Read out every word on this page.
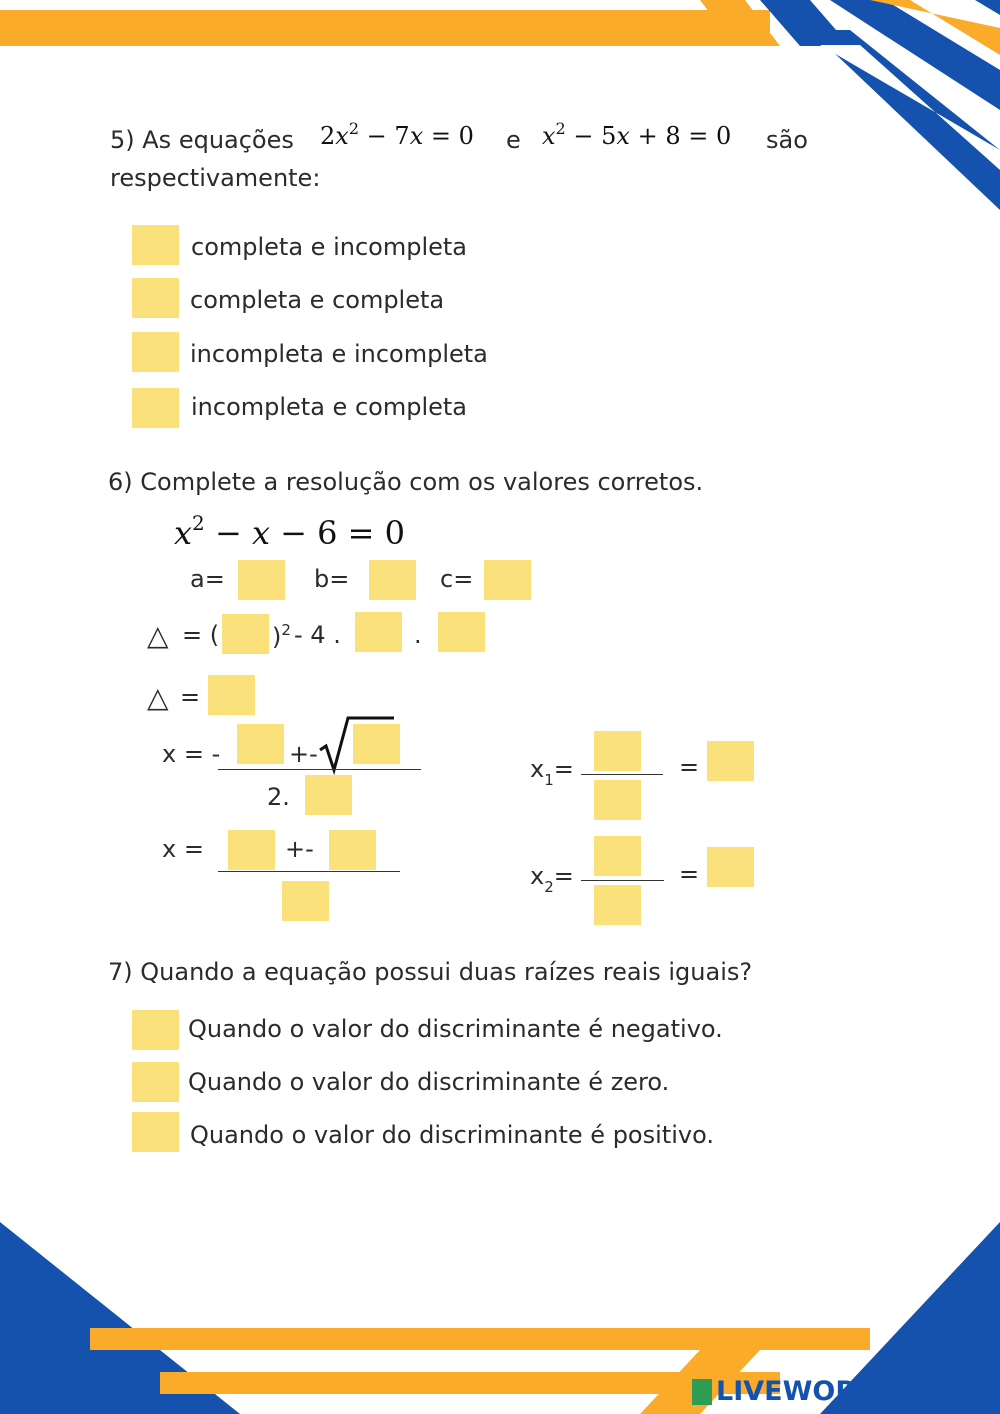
5) As equações $2x^2 - 7x = 0$ e $x^2 - 5x + 8 = 0$ são
respectivamente:
completa e incompleta
completa e completa
incompleta e incompleta
incompleta e completa
6) Complete a resolução com os valores corretos.
$x^2 - x - 6 = 0$
a=	b=	c=
△ = ( )$^2$ - 4 .	.
△ =
x = -	+-
2.
x =	+-
$x_1=$	=
$x_2=$	=
7) Quando a equação possui duas raízes reais iguais?
Quando o valor do discriminante é negativo.
Quando o valor do discriminante é zero.
Quando o valor do discriminante é positivo.
LIVEWORKSHEETS
